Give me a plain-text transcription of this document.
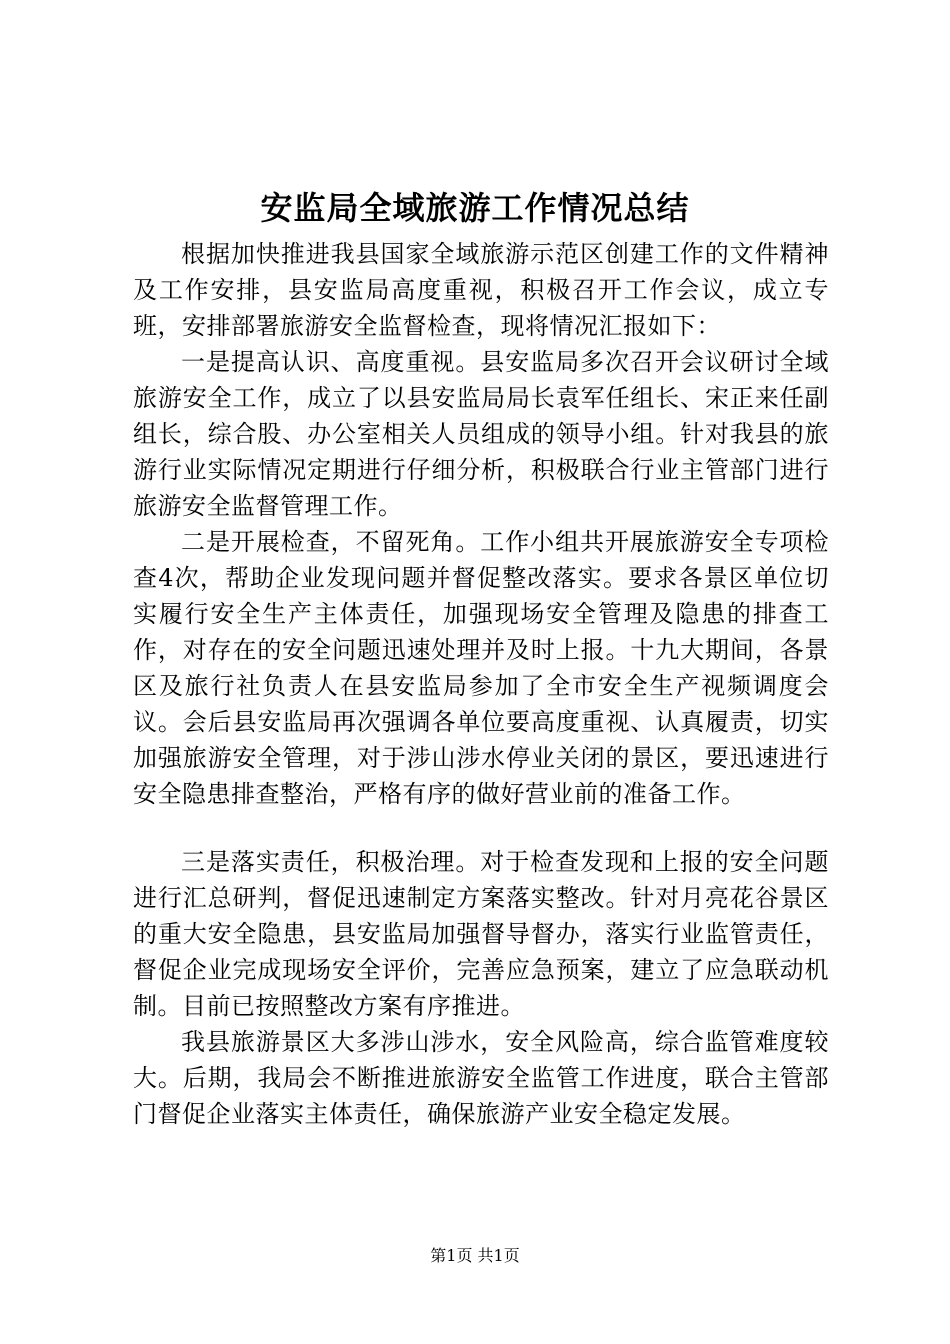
安监局全域旅游工作情况总结

根据加快推进我县国家全域旅游示范区创建工作的文件精神及工作安排，县安监局高度重视，积极召开工作会议，成立专班，安排部署旅游安全监督检查，现将情况汇报如下：

一是提高认识、高度重视。县安监局多次召开会议研讨全域旅游安全工作，成立了以县安监局局长袁军任组长、宋正来任副组长，综合股、办公室相关人员组成的领导小组。针对我县的旅游行业实际情况定期进行仔细分析，积极联合行业主管部门进行旅游安全监督管理工作。

二是开展检查，不留死角。工作小组共开展旅游安全专项检查4次，帮助企业发现问题并督促整改落实。要求各景区单位切实履行安全生产主体责任，加强现场安全管理及隐患的排查工作，对存在的安全问题迅速处理并及时上报。十九大期间，各景区及旅行社负责人在县安监局参加了全市安全生产视频调度会议。会后县安监局再次强调各单位要高度重视、认真履责，切实加强旅游安全管理，对于涉山涉水停业关闭的景区，要迅速进行安全隐患排查整治，严格有序的做好营业前的准备工作。

三是落实责任，积极治理。对于检查发现和上报的安全问题进行汇总研判，督促迅速制定方案落实整改。针对月亮花谷景区的重大安全隐患，县安监局加强督导督办，落实行业监管责任，督促企业完成现场安全评价，完善应急预案，建立了应急联动机制。目前已按照整改方案有序推进。

我县旅游景区大多涉山涉水，安全风险高，综合监管难度较大。后期，我局会不断推进旅游安全监管工作进度，联合主管部门督促企业落实主体责任，确保旅游产业安全稳定发展。

第1页 共1页
